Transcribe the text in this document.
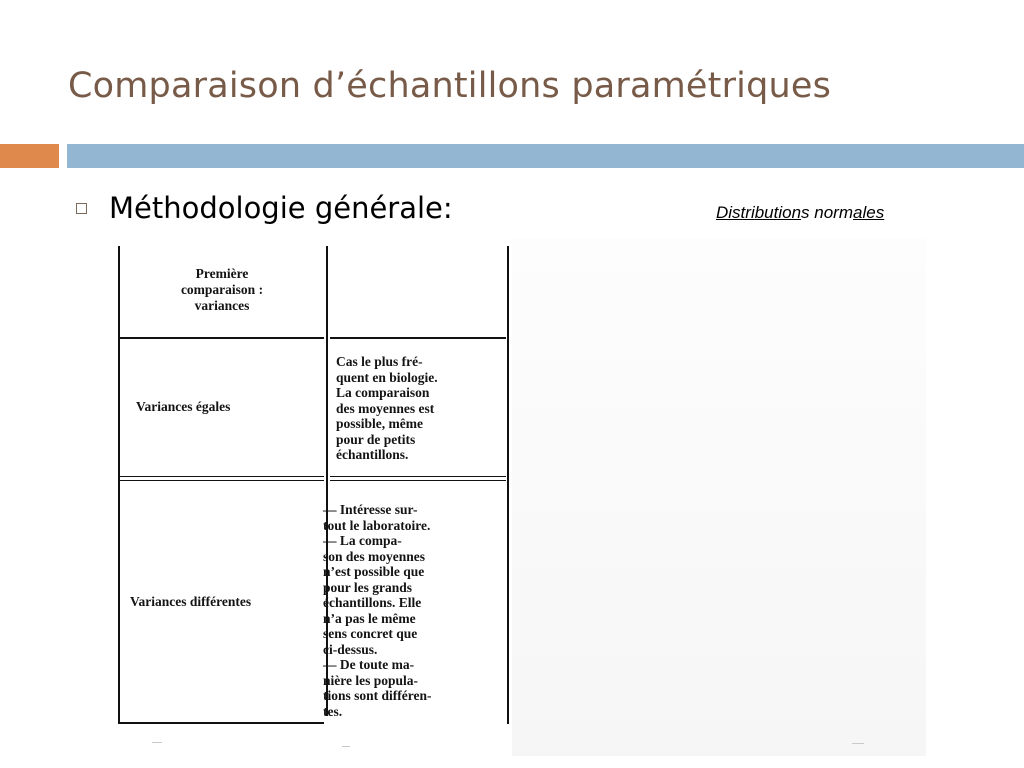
Comparaison d’échantillons paramétriques
Méthodologie générale:	Distributions normales
Première
comparaison :
variances
Variances égales
Cas le plus fré-
quent en biologie.
La comparaison
des moyennes est
possible, même
pour de petits
échantillons.
Variances différentes
— Intéresse sur-
tout le laboratoire.
— La compa-
son des moyennes
n’est possible que
pour les grands
échantillons. Elle
n’a pas le même
sens concret que
ci-dessus.
— De toute ma-
nière les popula-
tions sont différen-
tes.
